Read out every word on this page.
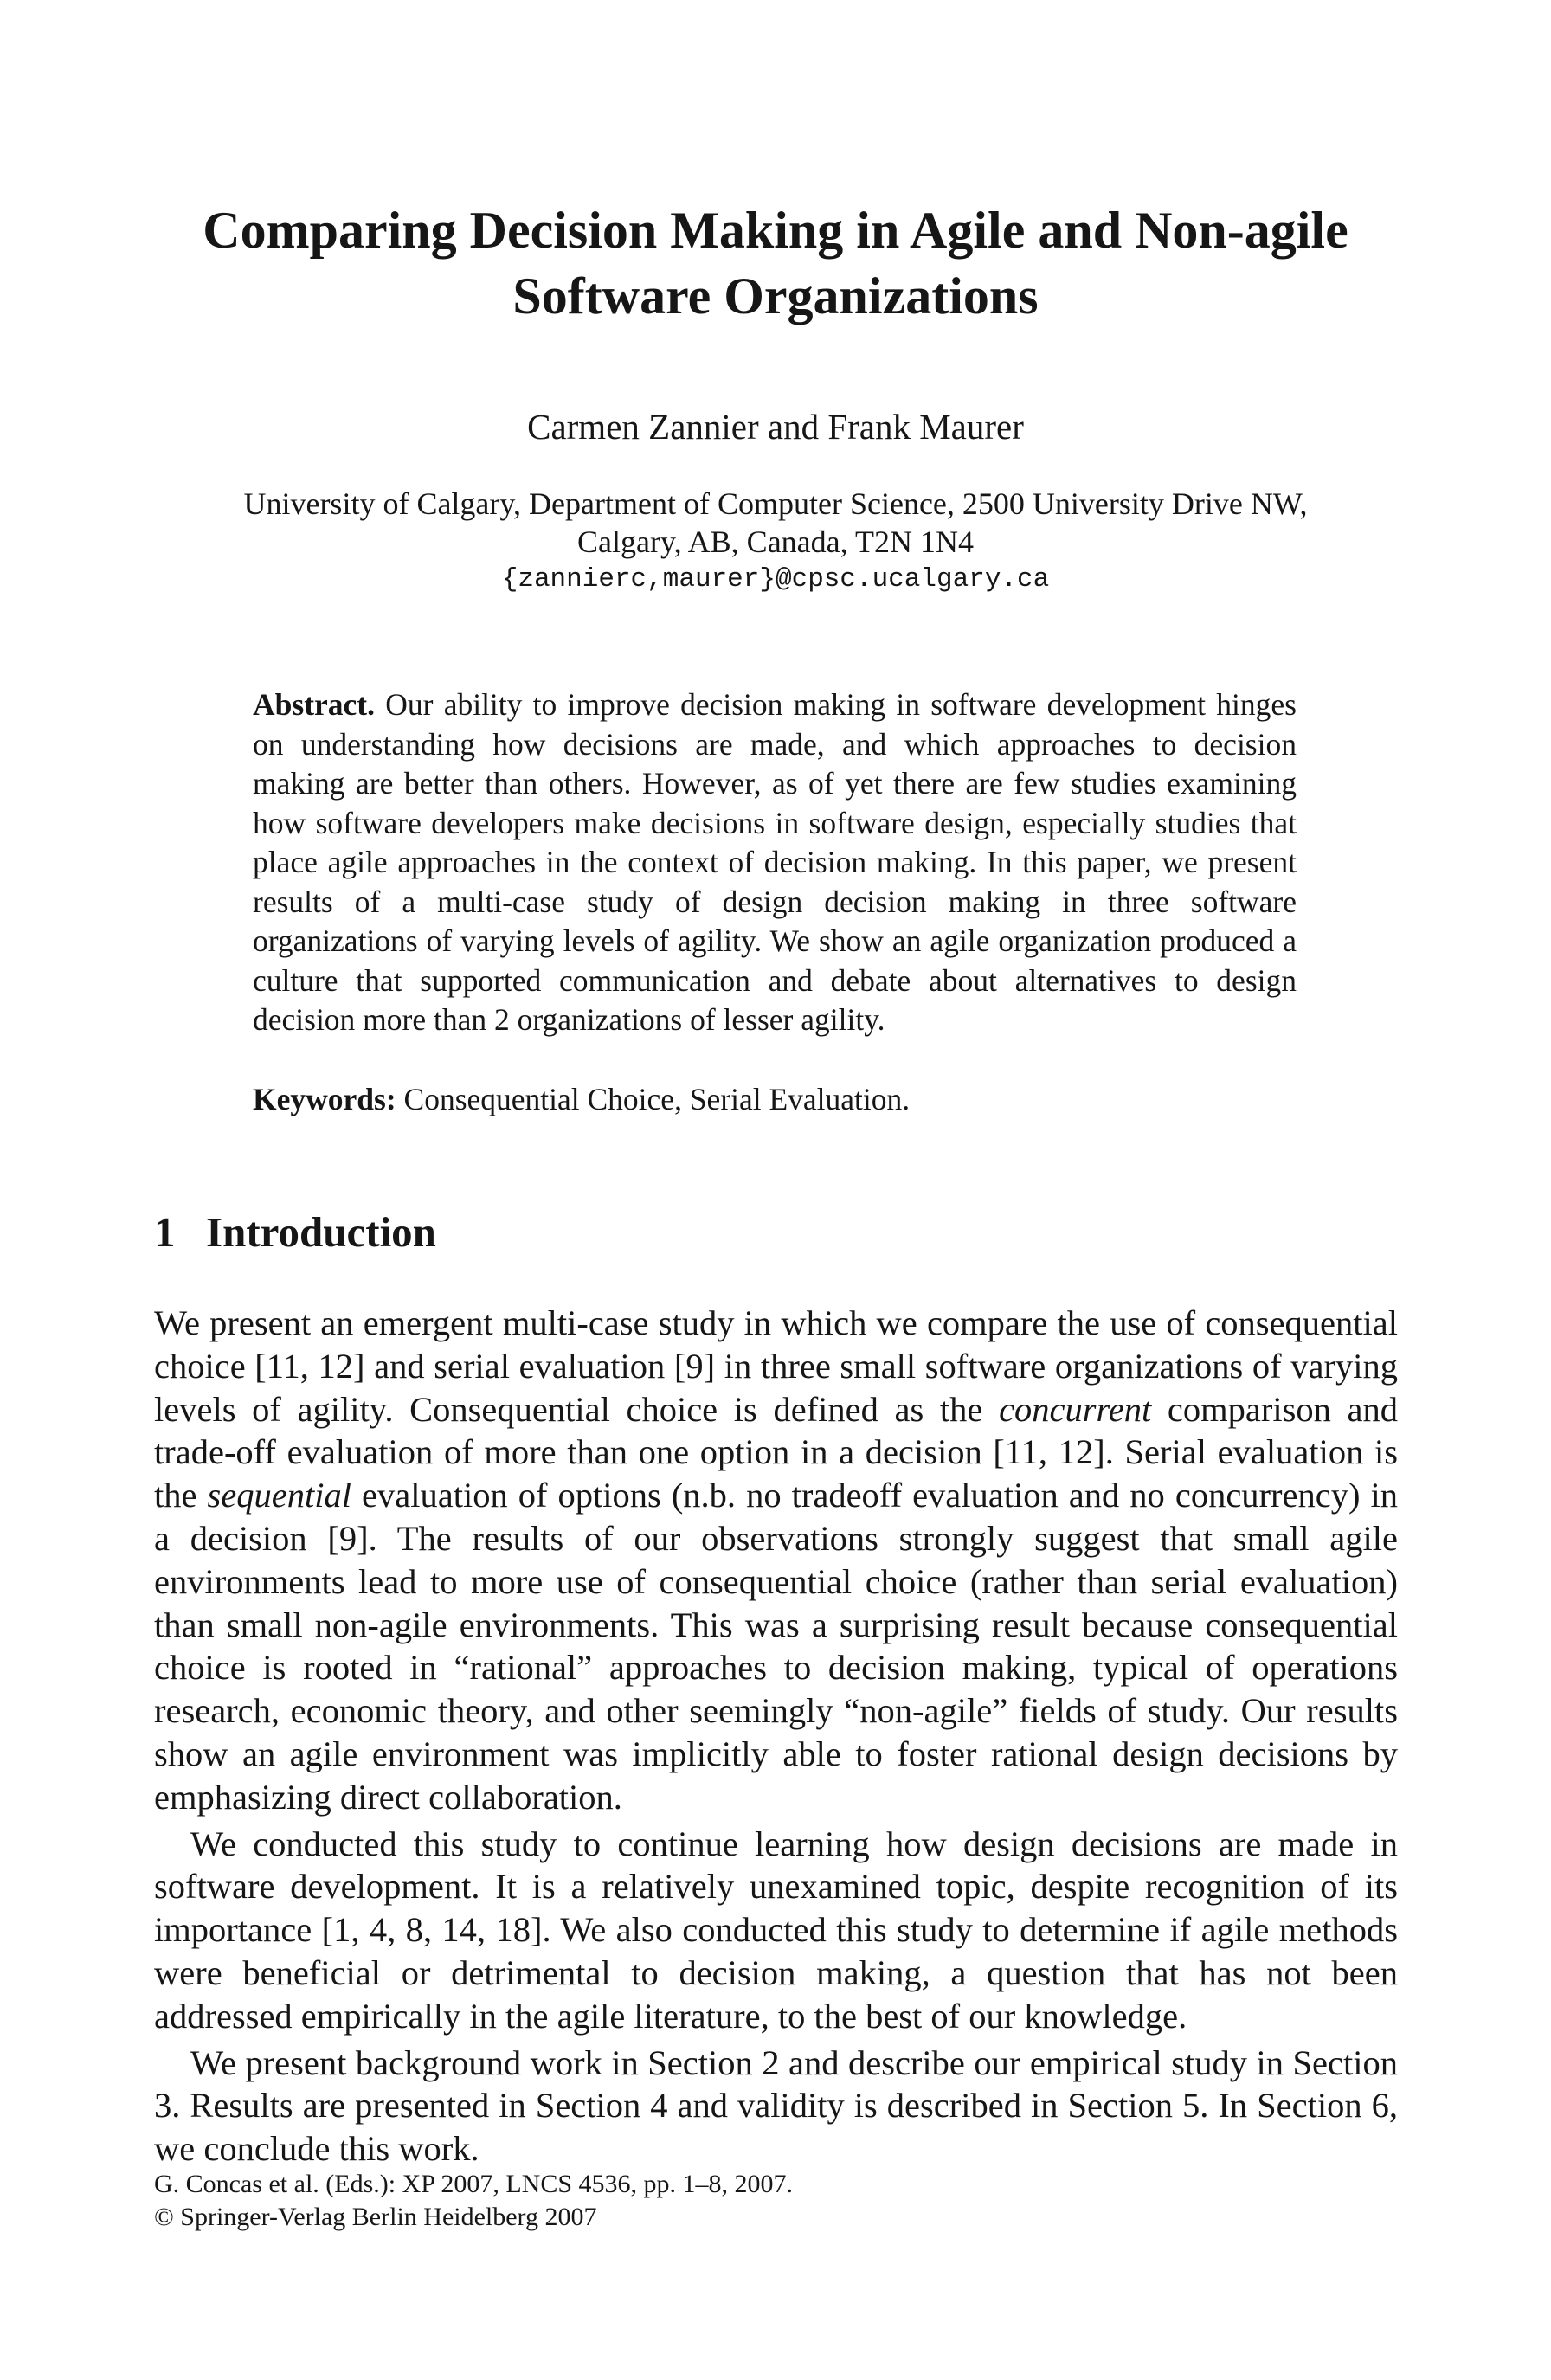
Comparing Decision Making in Agile and Non-agile
Software Organizations
Carmen Zannier and Frank Maurer
University of Calgary, Department of Computer Science, 2500 University Drive NW,
Calgary, AB, Canada, T2N 1N4
{zannierc,maurer}@cpsc.ucalgary.ca
Abstract. Our ability to improve decision making in software development hinges on understanding how decisions are made, and which approaches to decision making are better than others. However, as of yet there are few studies examining how software developers make decisions in software design, especially studies that place agile approaches in the context of decision making. In this paper, we present results of a multi-case study of design decision making in three software organizations of varying levels of agility. We show an agile organization produced a culture that supported communication and debate about alternatives to design decision more than 2 organizations of lesser agility.
Keywords: Consequential Choice, Serial Evaluation.
1 Introduction

We present an emergent multi-case study in which we compare the use of consequential choice [11, 12] and serial evaluation [9] in three small software organizations of varying levels of agility. Consequential choice is defined as the concurrent comparison and trade-off evaluation of more than one option in a decision [11, 12]. Serial evaluation is the sequential evaluation of options (n.b. no tradeoff evaluation and no concurrency) in a decision [9]. The results of our observations strongly suggest that small agile environments lead to more use of consequential choice (rather than serial evaluation) than small non-agile environments. This was a surprising result because consequential choice is rooted in “rational” approaches to decision making, typical of operations research, economic theory, and other seemingly “non-agile” fields of study. Our results show an agile environment was implicitly able to foster rational design decisions by emphasizing direct collaboration.

We conducted this study to continue learning how design decisions are made in software development. It is a relatively unexamined topic, despite recognition of its importance [1, 4, 8, 14, 18]. We also conducted this study to determine if agile methods were beneficial or detrimental to decision making, a question that has not been addressed empirically in the agile literature, to the best of our knowledge.

We present background work in Section 2 and describe our empirical study in Section 3. Results are presented in Section 4 and validity is described in Section 5. In Section 6, we conclude this work.

G. Concas et al. (Eds.): XP 2007, LNCS 4536, pp. 1–8, 2007.
© Springer-Verlag Berlin Heidelberg 2007
